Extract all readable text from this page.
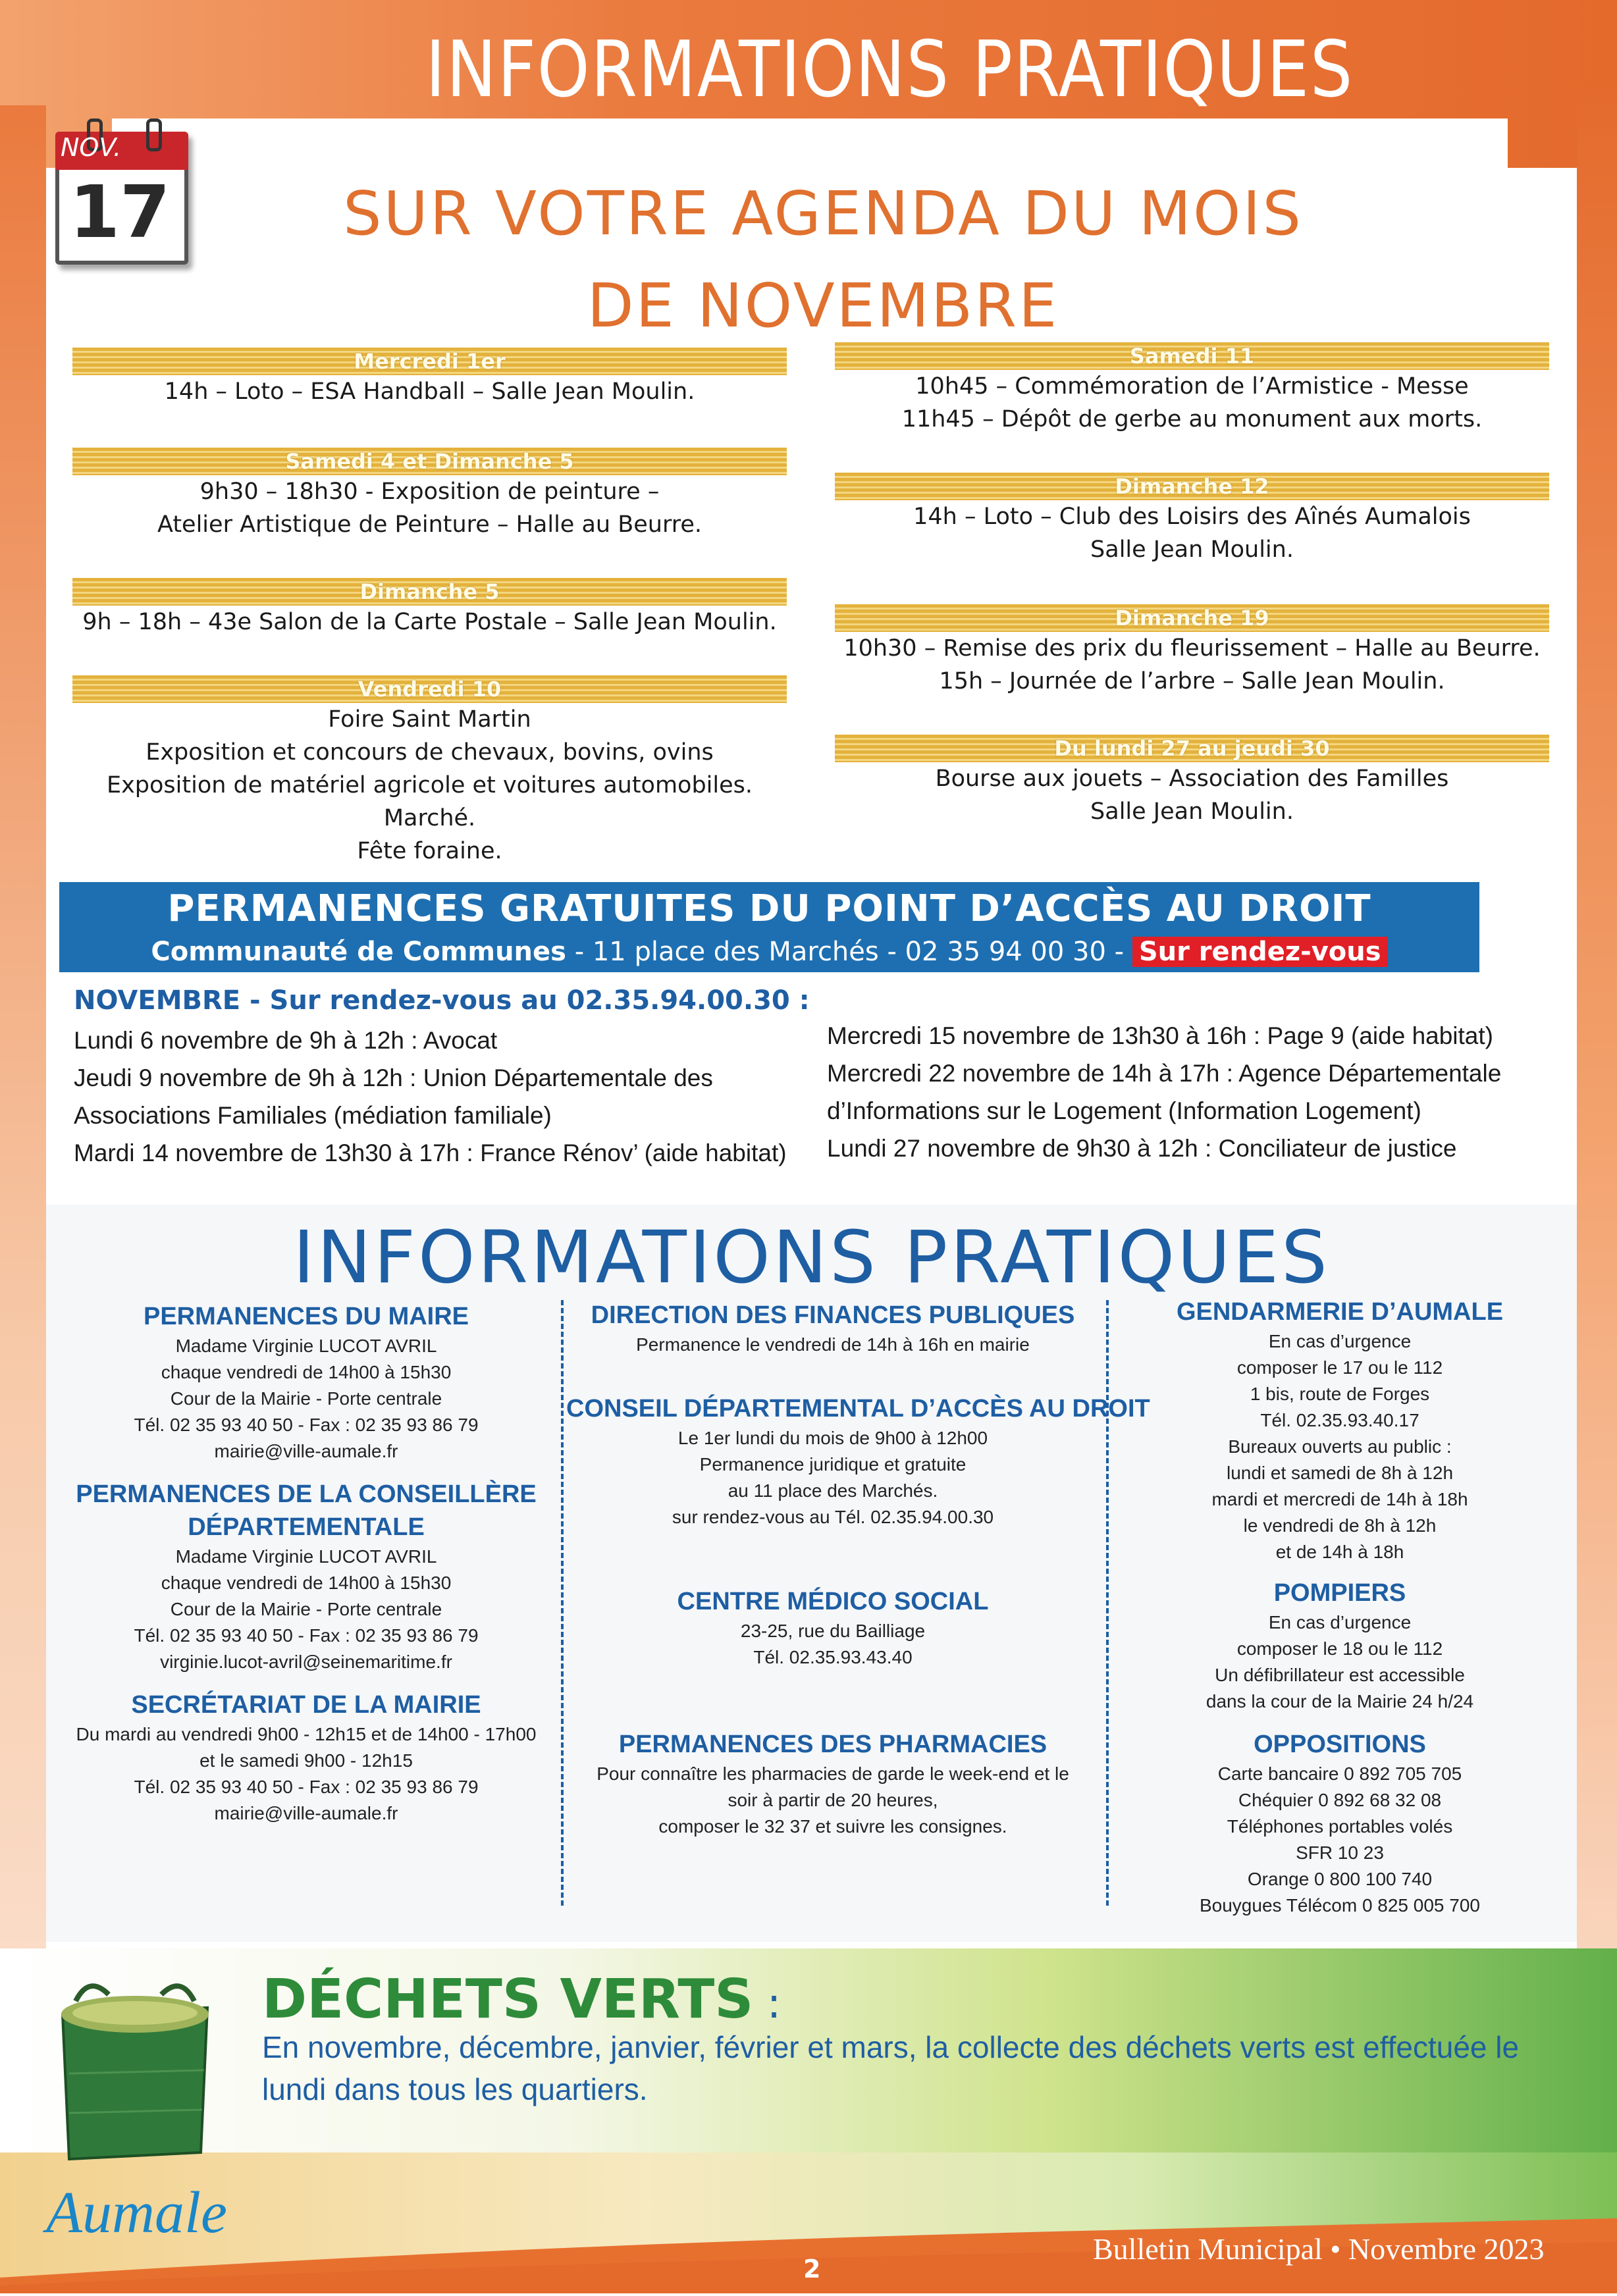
INFORMATIONS PRATIQUES
NOV.
17	SUR VOTRE AGENDA DU MOIS
DE NOVEMBRE
Mercredi 1er
14h – Loto – ESA Handball – Salle Jean Moulin.
Samedi 4 et Dimanche 5
9h30 – 18h30 - Exposition de peinture –
Atelier Artistique de Peinture – Halle au Beurre.
Dimanche 5
9h – 18h – 43e Salon de la Carte Postale – Salle Jean Moulin.
Vendredi 10
Foire Saint Martin
Exposition et concours de chevaux, bovins, ovins
Exposition de matériel agricole et voitures automobiles.
Marché.
Fête foraine.
Samedi 11
10h45 – Commémoration de l’Armistice - Messe
11h45 – Dépôt de gerbe au monument aux morts.
Dimanche 12
14h – Loto – Club des Loisirs des Aînés Aumalois
Salle Jean Moulin.
Dimanche 19
10h30 – Remise des prix du fleurissement – Halle au Beurre.
15h – Journée de l’arbre – Salle Jean Moulin.
Du lundi 27 au jeudi 30
Bourse aux jouets – Association des Familles
Salle Jean Moulin.
PERMANENCES GRATUITES DU POINT D’ACCÈS AU DROIT
Communauté de Communes - 11 place des Marchés - 02 35 94 00 30 - Sur rendez-vous
NOVEMBRE - Sur rendez-vous au 02.35.94.00.30 :
Lundi 6 novembre de 9h à 12h : Avocat
Jeudi 9 novembre de 9h à 12h : Union Départementale des
Associations Familiales (médiation familiale)
Mardi 14 novembre de 13h30 à 17h : France Rénov’ (aide habitat)
Mercredi 15 novembre de 13h30 à 16h : Page 9 (aide habitat)
Mercredi 22 novembre de 14h à 17h : Agence Départementale
d’Informations sur le Logement (Information Logement)
Lundi 27 novembre de 9h30 à 12h : Conciliateur de justice
INFORMATIONS PRATIQUES
PERMANENCES DU MAIRE
Madame Virginie LUCOT AVRIL
chaque vendredi de 14h00 à 15h30
Cour de la Mairie - Porte centrale
Tél. 02 35 93 40 50 - Fax : 02 35 93 86 79
mairie@ville-aumale.fr
PERMANENCES DE LA CONSEILLÈRE
DÉPARTEMENTALE
Madame Virginie LUCOT AVRIL
chaque vendredi de 14h00 à 15h30
Cour de la Mairie - Porte centrale
Tél. 02 35 93 40 50 - Fax : 02 35 93 86 79
virginie.lucot-avril@seinemaritime.fr
SECRÉTARIAT DE LA MAIRIE
Du mardi au vendredi 9h00 - 12h15 et de 14h00 - 17h00
et le samedi 9h00 - 12h15
Tél. 02 35 93 40 50 - Fax : 02 35 93 86 79
mairie@ville-aumale.fr
DIRECTION DES FINANCES PUBLIQUES
Permanence le vendredi de 14h à 16h en mairie
CONSEIL DÉPARTEMENTAL D’ACCÈS AU DROIT
Le 1er lundi du mois de 9h00 à 12h00
Permanence juridique et gratuite
au 11 place des Marchés.
sur rendez-vous au Tél. 02.35.94.00.30
CENTRE MÉDICO SOCIAL
23-25, rue du Bailliage
Tél. 02.35.93.43.40
PERMANENCES DES PHARMACIES
Pour connaître les pharmacies de garde le week-end et le
soir à partir de 20 heures,
composer le 32 37 et suivre les consignes.
GENDARMERIE D’AUMALE
En cas d’urgence
composer le 17 ou le 112
1 bis, route de Forges
Tél. 02.35.93.40.17
Bureaux ouverts au public :
lundi et samedi de 8h à 12h
mardi et mercredi de 14h à 18h
le vendredi de 8h à 12h
et de 14h à 18h
POMPIERS
En cas d’urgence
composer le 18 ou le 112
Un défibrillateur est accessible
dans la cour de la Mairie 24 h/24
OPPOSITIONS
Carte bancaire 0 892 705 705
Chéquier 0 892 68 32 08
Téléphones portables volés
SFR 10 23
Orange 0 800 100 740
Bouygues Télécom 0 825 005 700
DÉCHETS VERTS :
En novembre, décembre, janvier, février et mars, la collecte des déchets verts est effectuée le lundi dans tous les quartiers.
Aumale
2
Bulletin Municipal • Novembre 2023
